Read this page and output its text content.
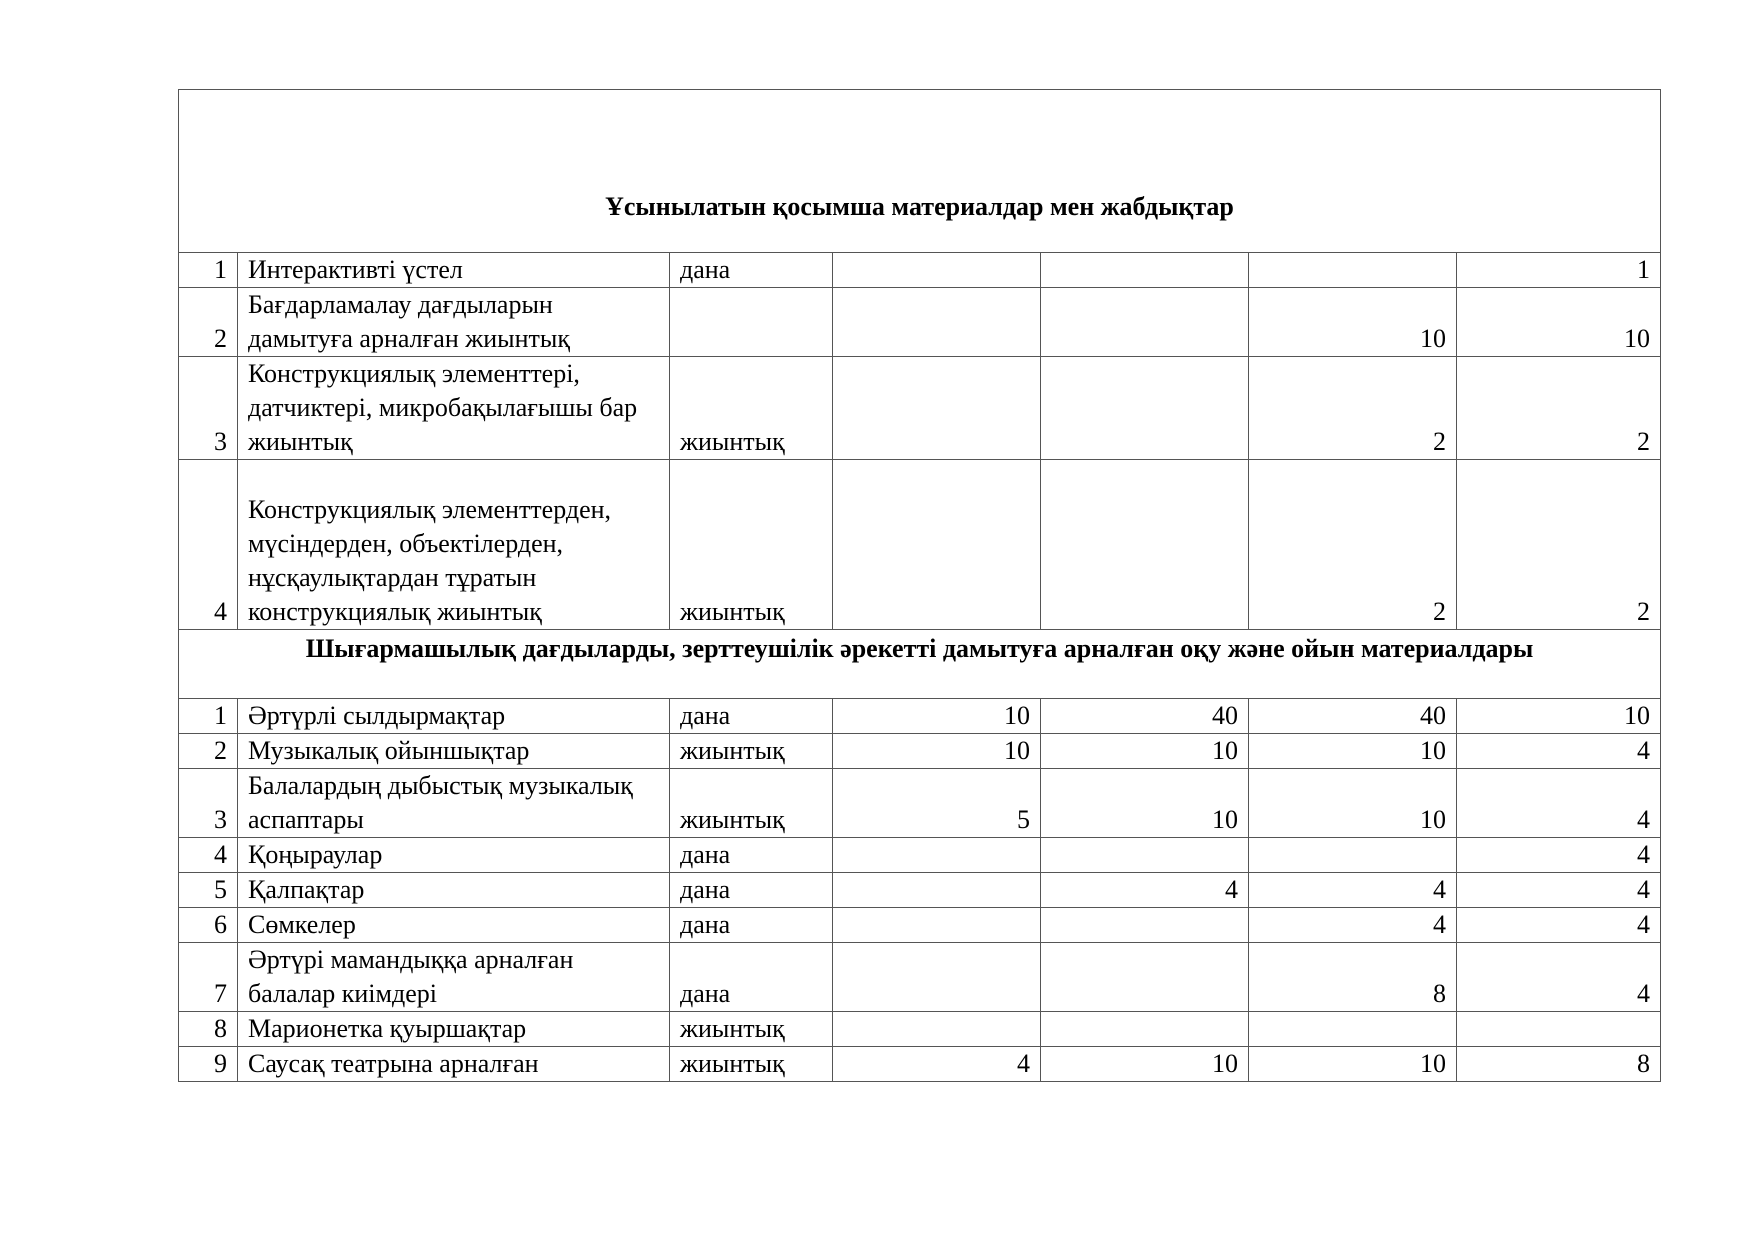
Ұсынылатын қосымша материалдар мен жабдықтар						
1	Интерактивті үстел	дана				1
2	Бағдарламалау дағдыларын дамытуға арналған жиынтық				10	10
3	Конструкциялық элементтері, датчиктері, микробақылағышы бар жиынтық	жиынтық			2	2
4	Конструкциялық элементтерден, мүсіндерден, объектілерден, нұсқаулықтардан тұратын конструкциялық жиынтық	жиынтық			2	2
Шығармашылық дағдыларды, зерттеушілік әрекетті дамытуға арналған оқу және ойын материалдары						
1	Әртүрлі сылдырмақтар	дана	10	40	40	10
2	Музыкалық ойыншықтар	жиынтық	10	10	10	4
3	Балалардың дыбыстық музыкалық аспаптары	жиынтық	5	10	10	4
4	Қоңыраулар	дана				4
5	Қалпақтар	дана		4	4	4
6	Сөмкелер	дана			4	4
7	Әртүрі мамандыққа арналған балалар киімдері	дана			8	4
8	Марионетка қуыршақтар	жиынтық				
9	Саусақ театрына арналған	жиынтық	4	10	10	8
